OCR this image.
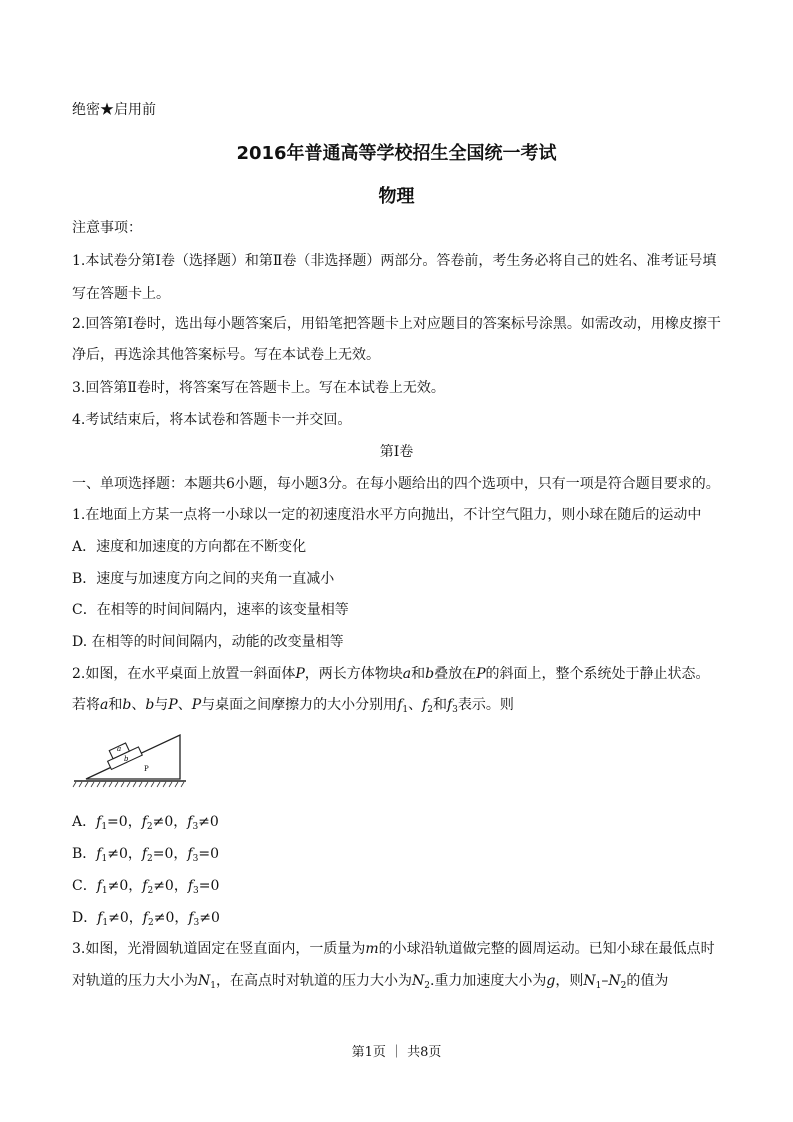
绝密★启用前
2016年普通高等学校招生全国统一考试
物理
注意事项：
1.本试卷分第Ⅰ卷（选择题）和第Ⅱ卷（非选择题）两部分。答卷前，考生务必将自己的姓名、准考证号填
写在答题卡上。
2.回答第Ⅰ卷时，选出每小题答案后，用铅笔把答题卡上对应题目的答案标号涂黑。如需改动，用橡皮擦干
净后，再选涂其他答案标号。写在本试卷上无效。
3.回答第Ⅱ卷时，将答案写在答题卡上。写在本试卷上无效。
4.考试结束后，将本试卷和答题卡一并交回。
第Ⅰ卷
一、单项选择题：本题共6小题，每小题3分。在每小题给出的四个选项中，只有一项是符合题目要求的。
1.在地面上方某一点将一小球以一定的初速度沿水平方向抛出，不计空气阻力，则小球在随后的运动中
A．速度和加速度的方向都在不断变化
B．速度与加速度方向之间的夹角一直减小
C．在相等的时间间隔内，速率的该变量相等
D. 在相等的时间间隔内，动能的改变量相等
2.如图，在水平桌面上放置一斜面体P，两长方体物块a和b叠放在P的斜面上，整个系统处于静止状态。
若将a和b、b与P、P与桌面之间摩擦力的大小分别用$f_1$、$f_2$和$f_3$表示。则
a
b
P
A．$f_1=0$，$f_2\ne 0$，$f_3\ne 0$
B．$f_1\ne 0$，$f_2=0$，$f_3=0$
C．$f_1\ne 0$，$f_2\ne 0$，$f_3=0$
D．$f_1\ne 0$，$f_2\ne 0$，$f_3\ne 0$
3.如图，光滑圆轨道固定在竖直面内，一质量为m的小球沿轨道做完整的圆周运动。已知小球在最低点时
对轨道的压力大小为$N_1$，在高点时对轨道的压力大小为$N_2$.重力加速度大小为g，则$N_1-N_2$的值为
第1页 ｜ 共8页
